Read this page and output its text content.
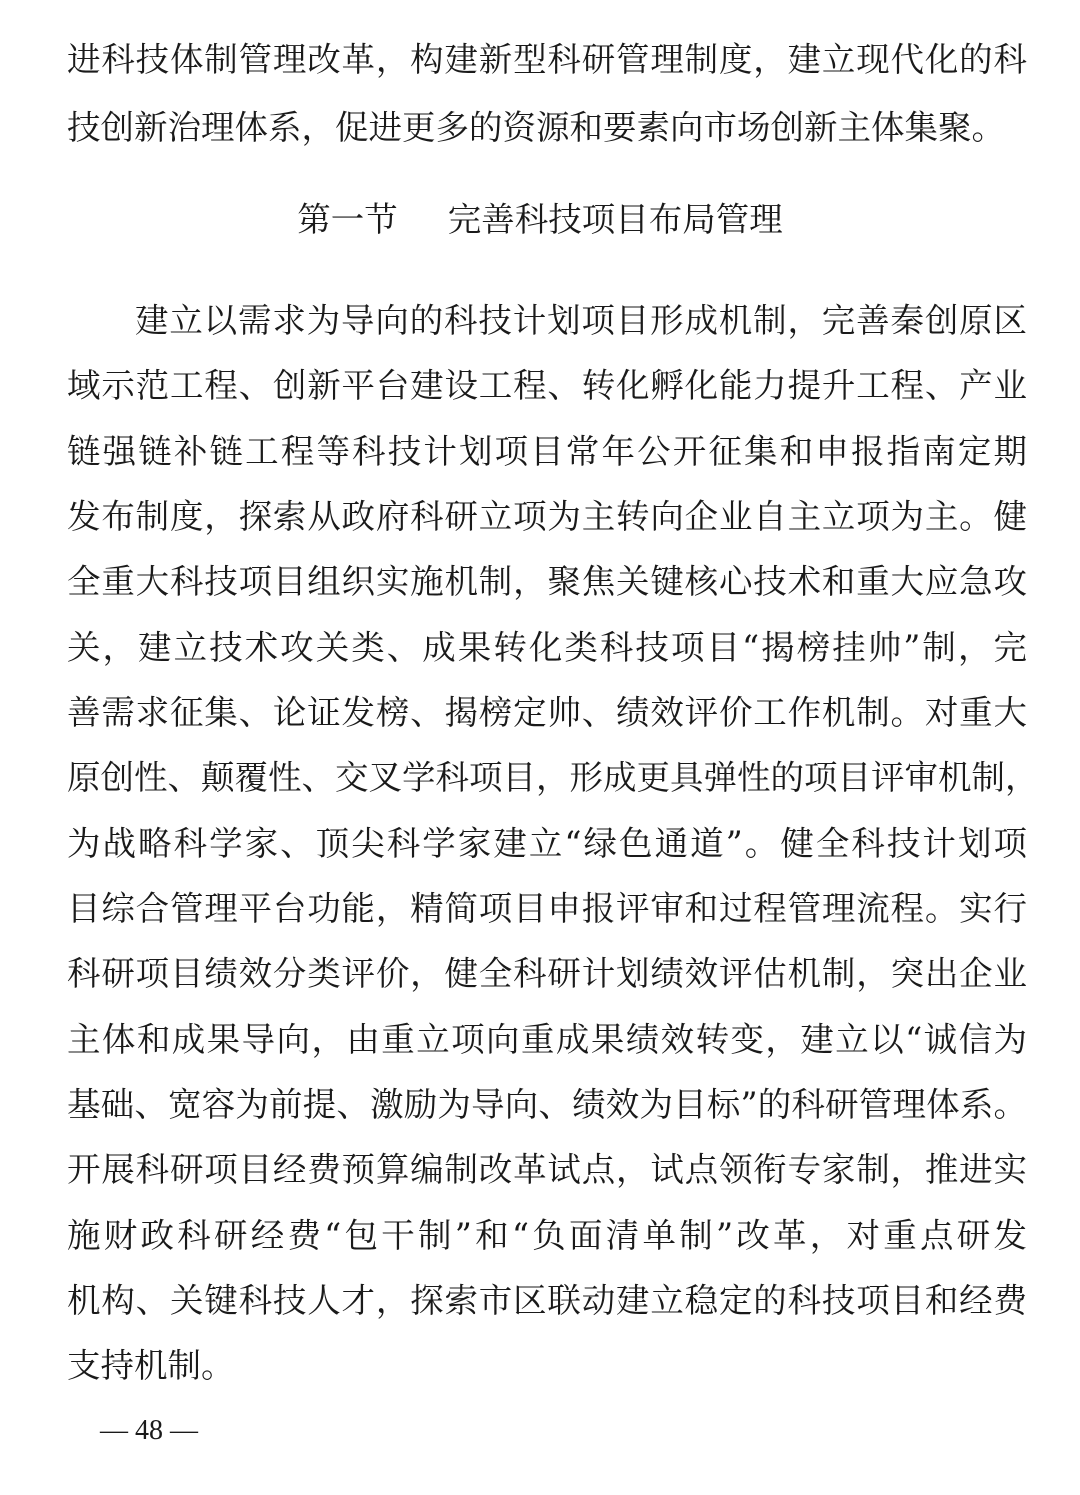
进科技体制管理改革，构建新型科研管理制度，建立现代化的科
技创新治理体系，促进更多的资源和要素向市场创新主体集聚。
第一节 完善科技项目布局管理
建立以需求为导向的科技计划项目形成机制，完善秦创原区
域示范工程、创新平台建设工程、转化孵化能力提升工程、产业
链强链补链工程等科技计划项目常年公开征集和申报指南定期
发布制度，探索从政府科研立项为主转向企业自主立项为主。健
全重大科技项目组织实施机制，聚焦关键核心技术和重大应急攻
关，建立技术攻关类、成果转化类科技项目“揭榜挂帅”制，完
善需求征集、论证发榜、揭榜定帅、绩效评价工作机制。对重大
原创性、颠覆性、交叉学科项目，形成更具弹性的项目评审机制，
为战略科学家、顶尖科学家建立“绿色通道”。健全科技计划项
目综合管理平台功能，精简项目申报评审和过程管理流程。实行
科研项目绩效分类评价，健全科研计划绩效评估机制，突出企业
主体和成果导向，由重立项向重成果绩效转变，建立以“诚信为
基础、宽容为前提、激励为导向、绩效为目标”的科研管理体系。
开展科研项目经费预算编制改革试点，试点领衔专家制，推进实
施财政科研经费“包干制”和“负面清单制”改革，对重点研发
机构、关键科技人才，探索市区联动建立稳定的科技项目和经费
支持机制。
— 48 —
